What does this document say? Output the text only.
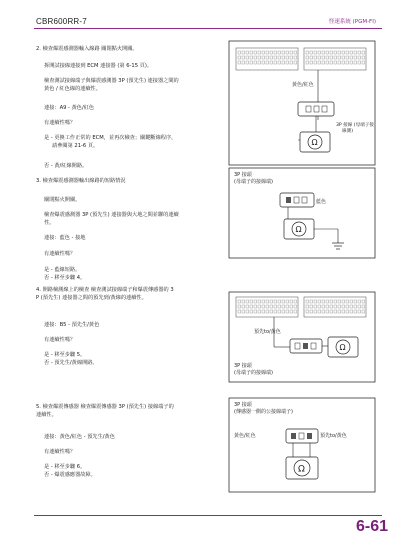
CBR600RR-7	怪速系統 (PGM-FI)
2. 檢查爆震感測器輸入線路 關閉點火開關。
拆開試接線連接到 ECM 連接器 (第 6-15 頁)。
檢查測試接線端子與爆震感測器 3P (預先生) 連接器之間的
黃色 / 紅色線的連續性。
連接：A9 - 黃色/紅色
有連續性嗎？
是 - 更換工作正常的 ECM，並再次檢查；關鍵斷線程序，
請參閱第 21-6 頁。
否 - 黃/紅線開路。
3. 檢查爆震感測器輸出線路的短路情況
關閉點火開關。
檢查爆震感測器 3P (預先生) 連接器與大地之間並聯的連續
性。
連接：藍色 - 接地
有連續性嗎？
是 - 藍線短路。
否 - 移至步驟 4。
4. 開路檢測線上的檢查 檢查測試接線端子和爆震傳感器的 3
P (預先生) 連接器之間的預先到/黃線的連續性。
連接：B5 - 預先生/黃色
有連續性嗎？
是 - 移至步驟 5。
否 - 預先生/黃線開路。
5. 檢查爆震傳感器 檢查爆震傳感器 3P (預先生) 接線端子的
連續性。
連接：黃色/紅色 - 預先生/黃色
有連續性嗎？
是 - 移至步驟 6。
否 - 爆震感應器故障。
黃色/紅色
Ω
3P 接線 (母端子接
線側)
3P 接頭
(母端子的接線端)
藍色
Ω
預先to/黃色
Ω
3P 接頭
(母端子的接線端)
3P 接頭
(傳感器一側的公接線端子)
黃色/紅色	預先to/黃色
Ω
6-61
